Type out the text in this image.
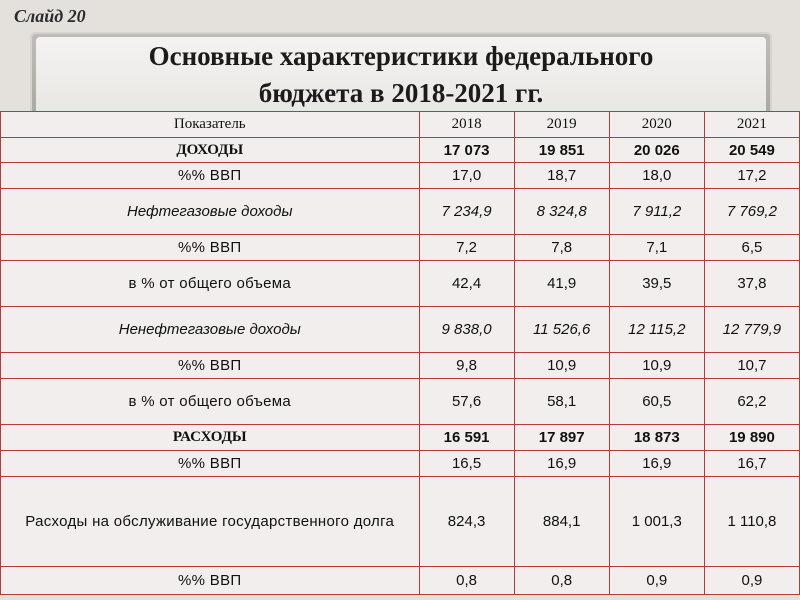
Слайд 20
Основные характеристики федерального
бюджета в 2018-2021 гг.
Показатель	2018	2019	2020	2021
ДОХОДЫ	17 073	19 851	20 026	20 549
%% ВВП	17,0	18,7	18,0	17,2
Нефтегазовые доходы	7 234,9	8 324,8	7 911,2	7 769,2
%% ВВП	7,2	7,8	7,1	6,5
в % от общего объема	42,4	41,9	39,5	37,8
Ненефтегазовые доходы	9 838,0	11 526,6	12 115,2	12 779,9
%% ВВП	9,8	10,9	10,9	10,7
в % от общего объема	57,6	58,1	60,5	62,2
РАСХОДЫ	16 591	17 897	18 873	19 890
%% ВВП	16,5	16,9	16,9	16,7
Расходы на обслуживание государственного долга	824,3	884,1	1 001,3	1 110,8
%% ВВП	0,8	0,8	0,9	0,9
